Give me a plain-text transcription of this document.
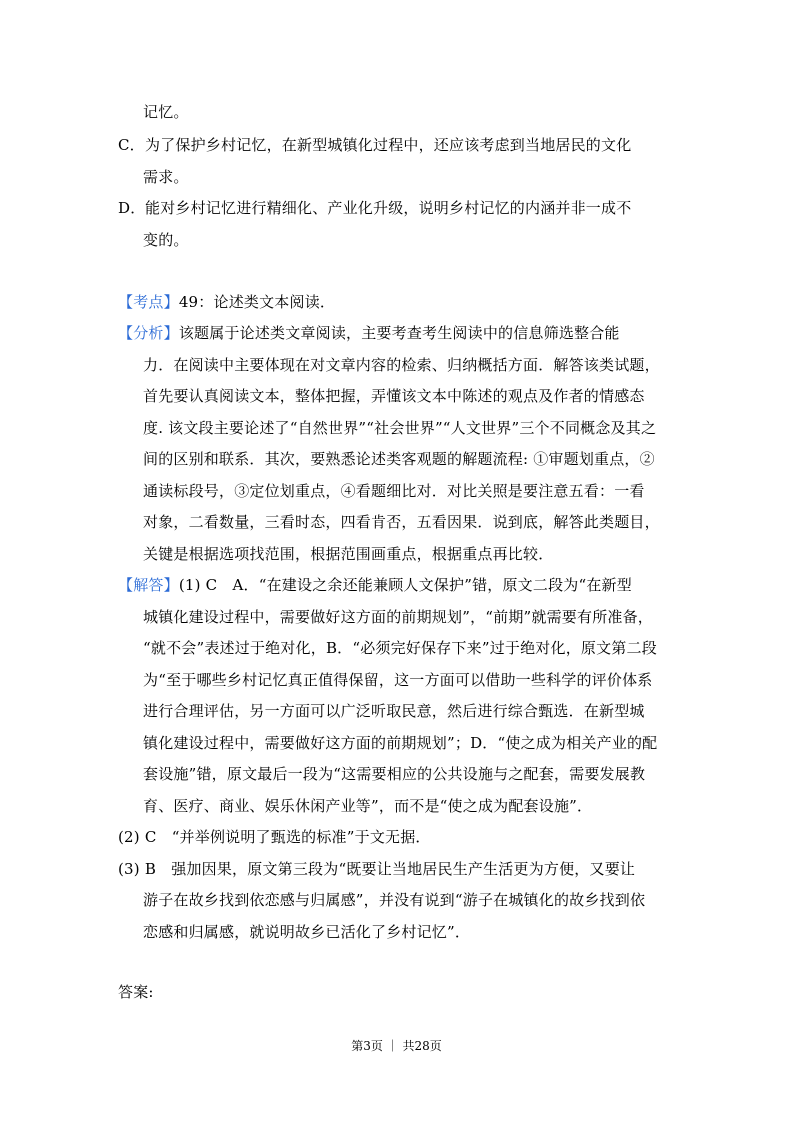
记忆。
C． 为了保护乡村记忆，在新型城镇化过程中，还应该考虑到当地居民的文化
需求。
D． 能对乡村记忆进行精细化、产业化升级，说明乡村记忆的内涵并非一成不
变的。
【考点】49：论述类文本阅读．
【分析】该题属于论述类文章阅读，主要考查考生阅读中的信息筛选整合能
力．在阅读中主要体现在对文章内容的检索、归纳概括方面．解答该类试题，
首先要认真阅读文本，整体把握，弄懂该文本中陈述的观点及作者的情感态
度. 该文段主要论述了“自然世界”“社会世界”“人文世界”三个不同概念及其之
间的区别和联系．其次，要熟悉论述类客观题的解题流程: ①审题划重点，②
通读标段号，③定位划重点，④看题细比对．对比关照是要注意五看：一看
对象，二看数量，三看时态，四看肯否，五看因果．说到底，解答此类题目，
关键是根据选项找范围，根据范围画重点，根据重点再比较．
【解答】(1) C　A．“在建设之余还能兼顾人文保护”错，原文二段为“在新型
城镇化建设过程中，需要做好这方面的前期规划”，“前期”就需要有所准备，
“就不会”表述过于绝对化，B．“必须完好保存下来”过于绝对化，原文第二段
为“至于哪些乡村记忆真正值得保留，这一方面可以借助一些科学的评价体系
进行合理评估，另一方面可以广泛听取民意，然后进行综合甄选．在新型城
镇化建设过程中，需要做好这方面的前期规划”；D．“使之成为相关产业的配
套设施”错，原文最后一段为“这需要相应的公共设施与之配套，需要发展教
育、医疗、商业、娱乐休闲产业等”，而不是“使之成为配套设施”．
(2) C　“并举例说明了甄选的标准”于文无据．
(3) B　强加因果，原文第三段为“既要让当地居民生产生活更为方便，又要让
游子在故乡找到依恋感与归属感”，并没有说到“游子在城镇化的故乡找到依
恋感和归属感，就说明故乡已活化了乡村记忆”．
答案:
第3页 ｜ 共28页
